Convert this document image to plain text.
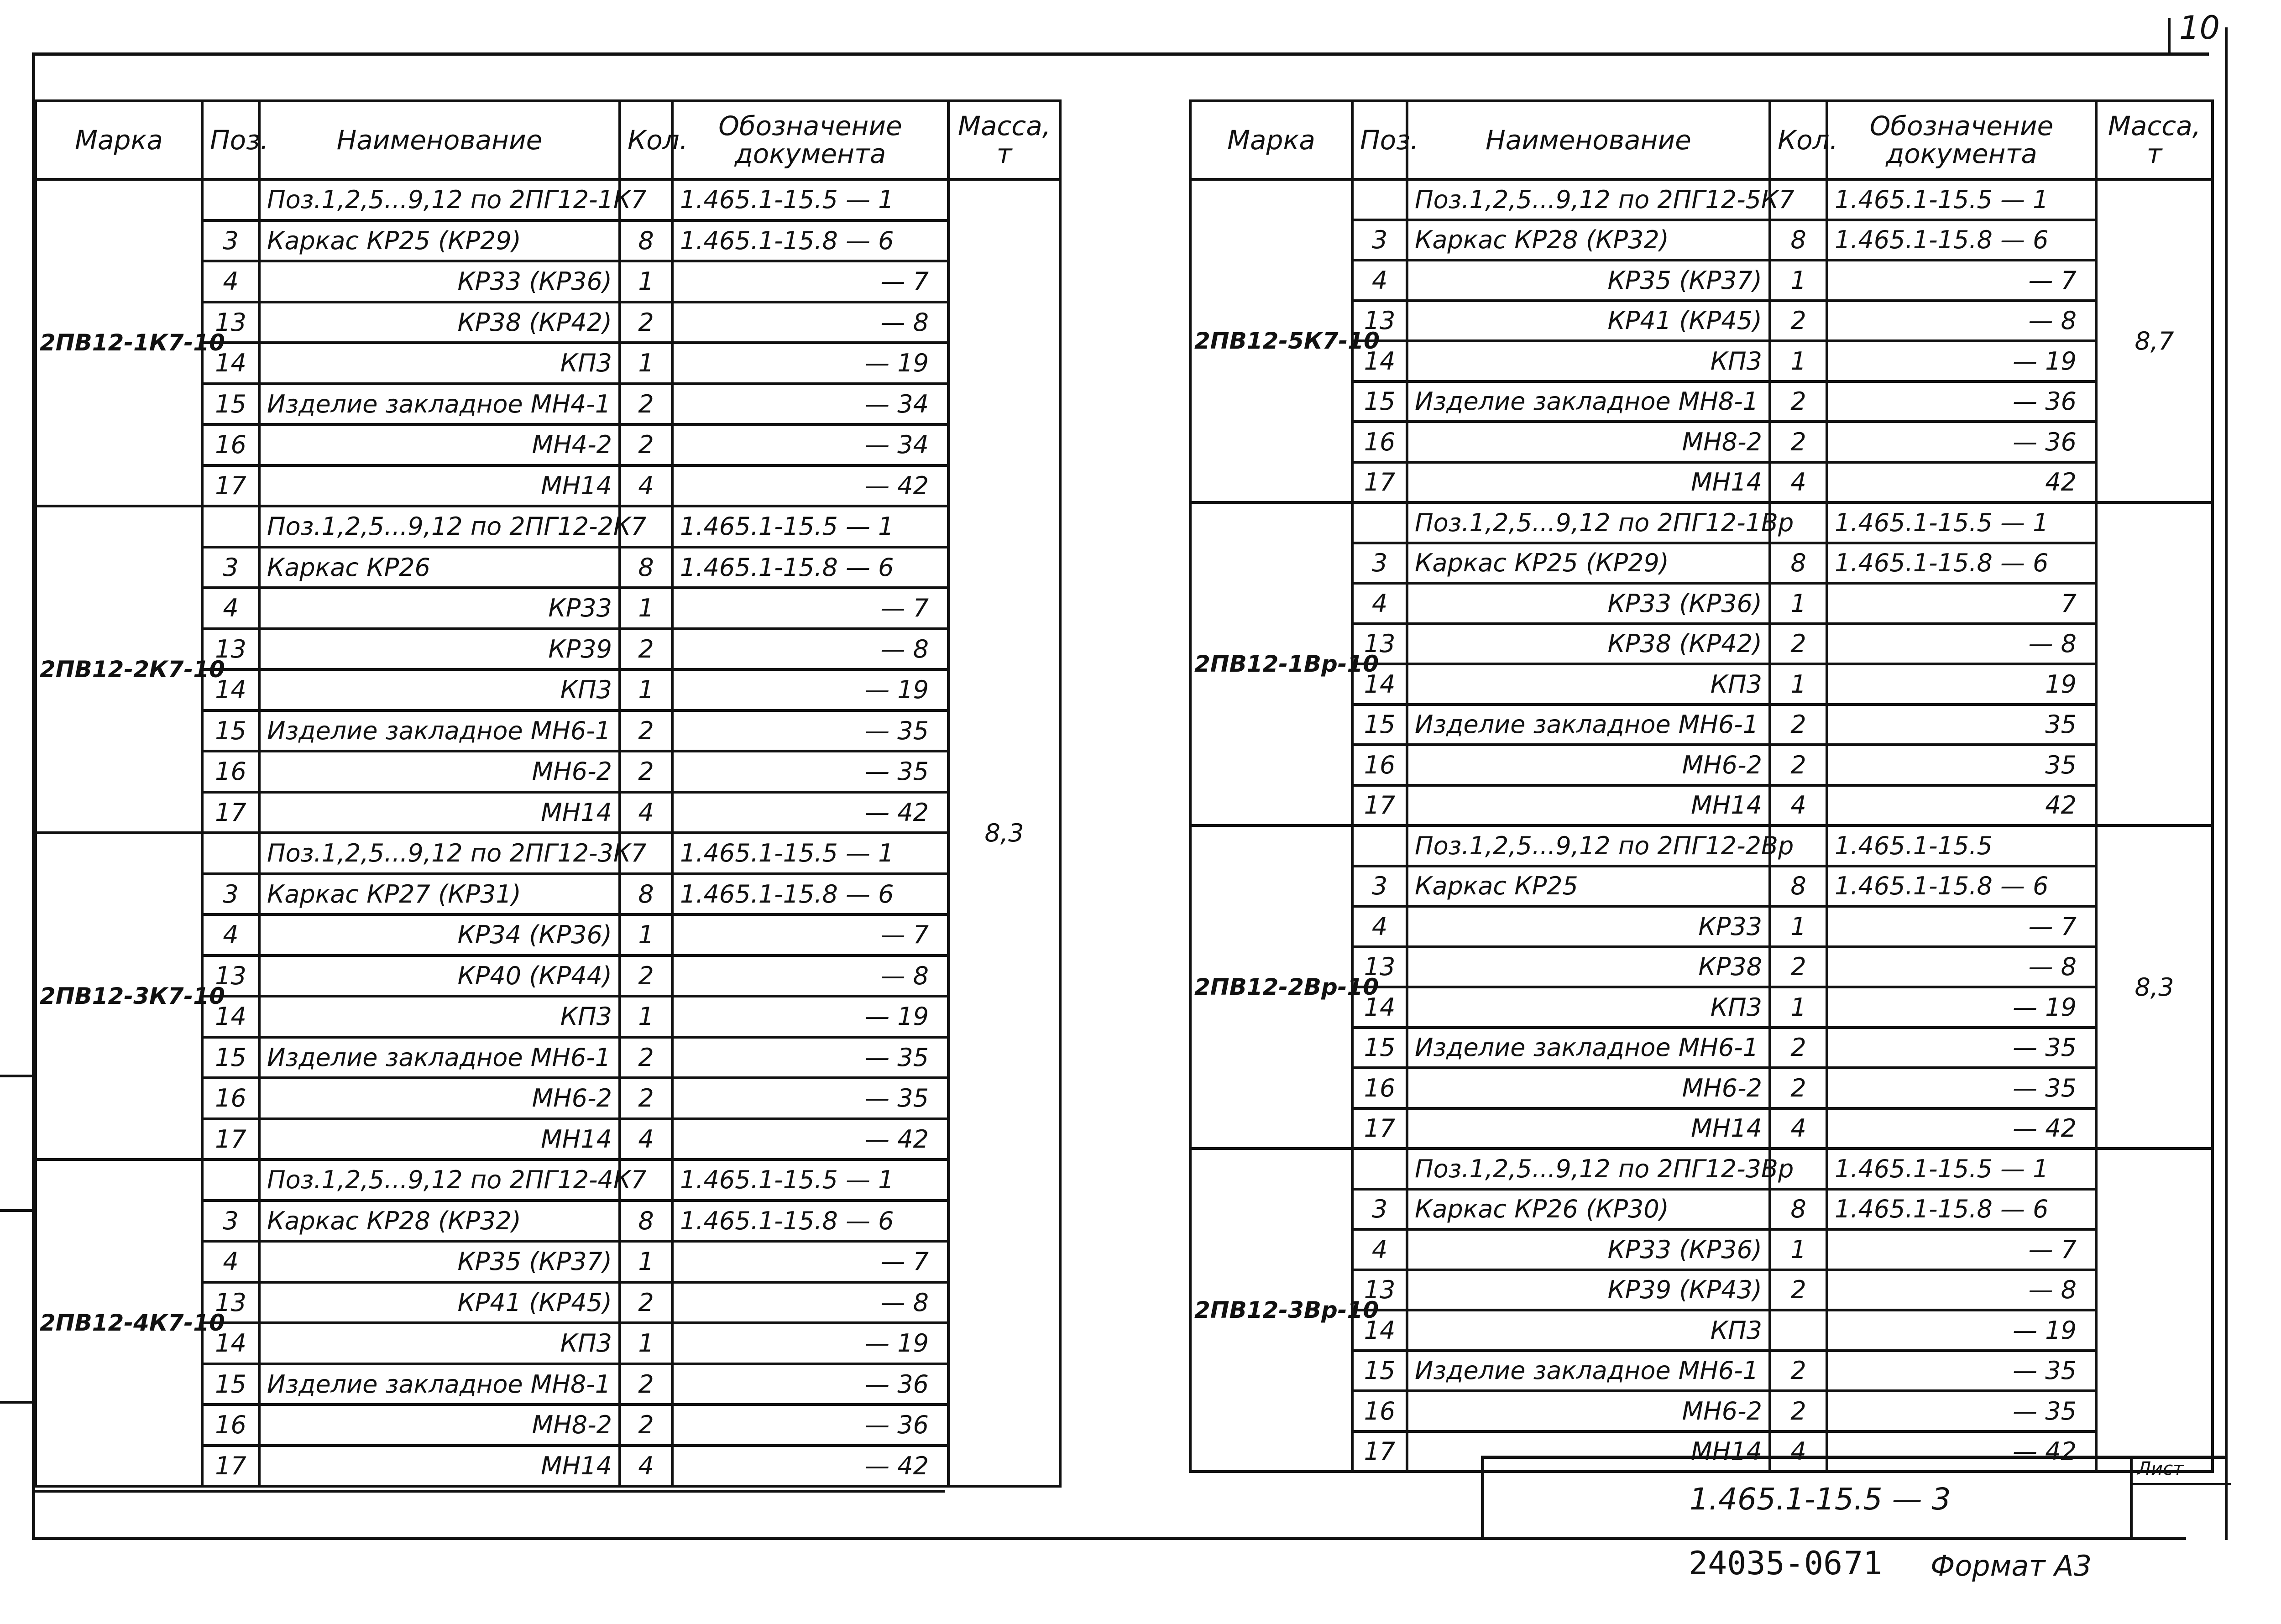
10
Марка	Поз.	Наименование	Кол.	Обозначение документа	Масса, т
2ПВ12-1К7-10		Поз.1,2,5...9,12 по 2ПГ12-1К7		1.465.1-15.5 — 1	8,3
	3	Каркас КР25 (КР29)	8	1.465.1-15.8 — 6	
	4	КР33 (КР36)	1	— 7	
	13	КР38 (КР42)	2	— 8	
	14	КП3	1	— 19	
	15	Изделие закладное МН4-1	2	— 34	
	16	МН4-2	2	— 34	
	17	МН14	4	— 42	
2ПВ12-2К7-10		Поз.1,2,5...9,12 по 2ПГ12-2К7		1.465.1-15.5 — 1	
	3	Каркас КР26	8	1.465.1-15.8 — 6	
	4	КР33	1	— 7	
	13	КР39	2	— 8	
	14	КП3	1	— 19	
	15	Изделие закладное МН6-1	2	— 35	
	16	МН6-2	2	— 35	
	17	МН14	4	— 42	
2ПВ12-3К7-10		Поз.1,2,5...9,12 по 2ПГ12-3К7		1.465.1-15.5 — 1	
	3	Каркас КР27 (КР31)	8	1.465.1-15.8 — 6	
	4	КР34 (КР36)	1	— 7	
	13	КР40 (КР44)	2	— 8	
	14	КП3	1	— 19	
	15	Изделие закладное МН6-1	2	— 35	
	16	МН6-2	2	— 35	
	17	МН14	4	— 42	
2ПВ12-4К7-10		Поз.1,2,5...9,12 по 2ПГ12-4К7		1.465.1-15.5 — 1	
	3	Каркас КР28 (КР32)	8	1.465.1-15.8 — 6	
	4	КР35 (КР37)	1	— 7	
	13	КР41 (КР45)	2	— 8	
	14	КП3	1	— 19	
	15	Изделие закладное МН8-1	2	— 36	
	16	МН8-2	2	— 36	
	17	МН14	4	— 42	
Марка	Поз.	Наименование	Кол.	Обозначение документа	Масса, т
2ПВ12-5К7-10		Поз.1,2,5...9,12 по 2ПГ12-5К7		1.465.1-15.5 — 1	8,7
	3	Каркас КР28 (КР32)	8	1.465.1-15.8 — 6	
	4	КР35 (КР37)	1	— 7	
	13	КР41 (КР45)	2	— 8	
	14	КП3	1	— 19	
	15	Изделие закладное МН8-1	2	— 36	
	16	МН8-2	2	— 36	
	17	МН14	4	42	
2ПВ12-1Вр-10		Поз.1,2,5...9,12 по 2ПГ12-1Вр		1.465.1-15.5 — 1	
	3	Каркас КР25 (КР29)	8	1.465.1-15.8 — 6	
	4	КР33 (КР36)	1	7	
	13	КР38 (КР42)	2	— 8	
	14	КП3	1	19	
	15	Изделие закладное МН6-1	2	35	
	16	МН6-2	2	35	
	17	МН14	4	42	
2ПВ12-2Вр-10		Поз.1,2,5...9,12 по 2ПГ12-2Вр		1.465.1-15.5	8,3
	3	Каркас КР25	8	1.465.1-15.8 — 6	
	4	КР33	1	— 7	
	13	КР38	2	— 8	
	14	КП3	1	— 19	
	15	Изделие закладное МН6-1	2	— 35	
	16	МН6-2	2	— 35	
	17	МН14	4	— 42	
2ПВ12-3Вр-10		Поз.1,2,5...9,12 по 2ПГ12-3Вр		1.465.1-15.5 — 1	
	3	Каркас КР26 (КР30)	8	1.465.1-15.8 — 6	
	4	КР33 (КР36)	1	— 7	
	13	КР39 (КР43)	2	— 8	
	14	КП3		— 19	
	15	Изделие закладное МН6-1	2	— 35	
	16	МН6-2	2	— 35	
	17	МН14	4	— 42	
1.465.1-15.5 — 3
Лист
24035-06 71 Формат А3
